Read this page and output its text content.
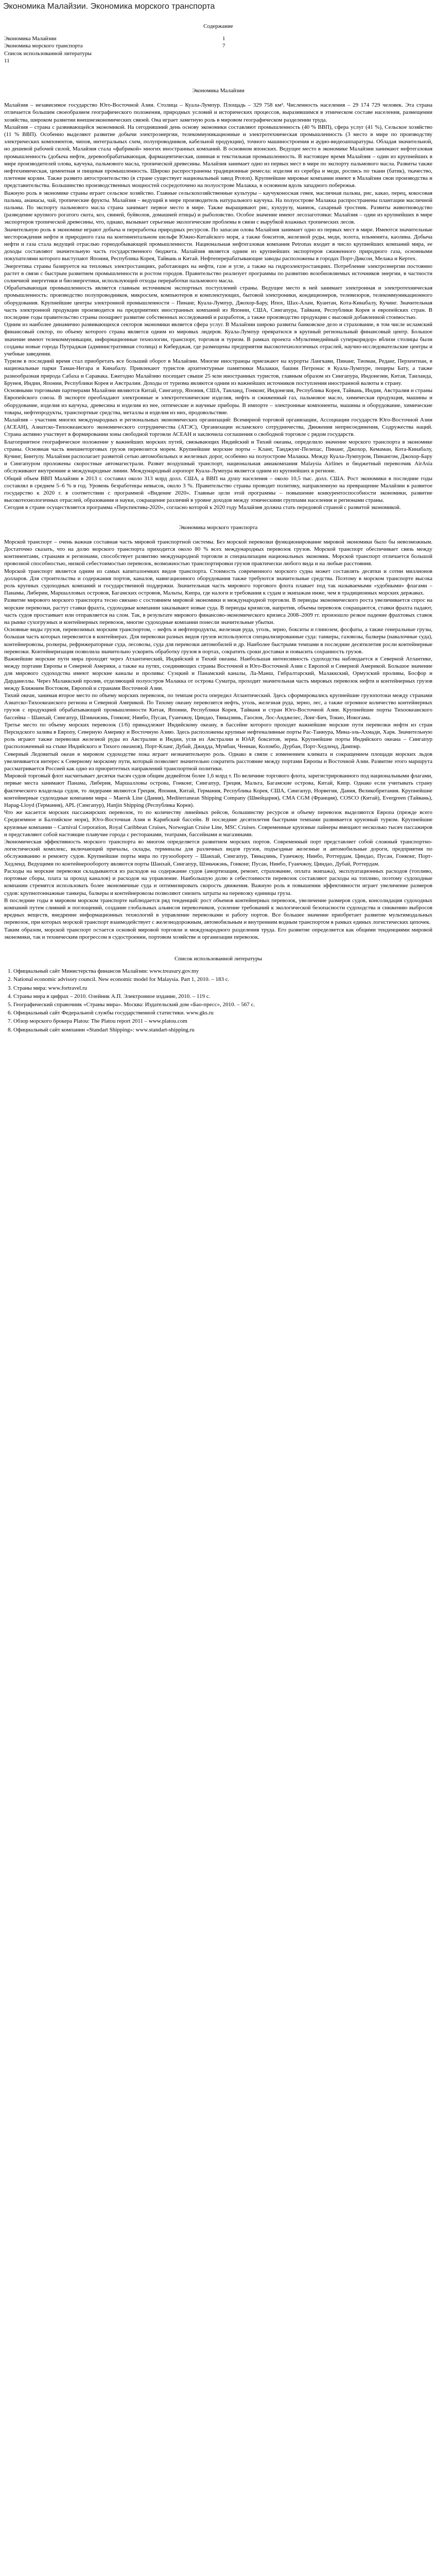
Экономика Малайзии. Экономика морского транспорта
Содержание
Экономика Малайзии	1
Экономика морского транспорта	7
Список использованной литературы
11
Экономика Малайзии

Малайзия – независимое государство Юго-Восточной Азии. Столица – Куала-Лумпур. Площадь – 329 758 км². Численность населения – 29 174 729 человек. Эта страна отличается большим своеобразием географического положения, природных условий и исторических процессов, выразившимся в этническом составе населения, размещении хозяйства, широком развитии внешнеэкономических связей. Она играет заметную роль в мировом географическом разделении труда.

Малайзия – страна с развивающейся экономикой. На сегодняшний день основу экономики составляют промышленность (40 % ВВП), сфера услуг (41 %), Сельское хозяйство (11 % ВВП). Особенно выделяют развитие добычи электроэнергии, телекоммуникационные и электротехническая промышленность (3 место в мире по производству электрических компонентов, чипов, интегральных схем, полупроводников, кабельной продукции), точного машиностроения и аудио-видеоаппаратуры. Обладая значительной, но дешевой рабочей силой, Малайзия стала «фабрикой» многих иностранных компаний. В основном японских. Ведущее место в экономике Малайзии занимают нефтегазовая промышленность (добыча нефти, деревообрабатывающая, фармацевтическая, шинная и текстильная промышленность. В настоящее время Малайзия – один из крупнейших в мире производителей олова, каучука, пальмового масла, тропической древесины. Малайзия занимает одно из первых мест в мире по экспорту пальмового масла. Развиты также нефтехимическая, цементная и пищевая промышленность. Широко распространены традиционные ремесла: изделия из серебра и меди, роспись по ткани (батик), ткачество, плетение корзин. Также развито автостроительство (в стране существует национальный завод Proton). Крупнейшие мировые компании имеют в Малайзии свои производства и представительства. Большинство производственных мощностей сосредоточено на полуострове Малакка, в основном вдоль западного побережья.

Важную роль в экономике страны играет сельское хозяйство. Главные сельскохозяйственные культуры – каучуконосная гевея, масличная пальма, рис, какао, перец, кокосовая пальма, ананасы, чай, тропические фрукты. Малайзия – ведущий в мире производитель натурального каучука. На полуострове Малакка распространены плантации масличной пальмы. По экспорту пальмового масла страна занимает первое место в мире. Также выращивают рис, кукурузу, маниок, сахарный тростник. Развиты животноводство (разведение крупного рогатого скота, коз, свиней, буйволов, домашней птицы) и рыболовство. Особое значение имеют лесозаготовки: Малайзия – один из крупнейших в мире экспортеров тропической древесины, что, однако, вызывает серьезные экологические проблемы в связи с вырубкой влажных тропических лесов.

Значительную роль в экономике играют добыча и переработка природных ресурсов. По запасам олова Малайзия занимает одно из первых мест в мире. Имеются значительные месторождения нефти и природного газа на континентальном шельфе Южно-Китайского моря, а также бокситов, железной руды, меди, золота, ильменита, каолина. Добыча нефти и газа стала ведущей отраслью горнодобывающей промышленности. Национальная нефтегазовая компания Petronas входит в число крупнейших компаний мира, ее доходы составляют значительную часть государственного бюджета. Малайзия является одним из крупнейших экспортеров сжиженного природного газа, основными покупателями которого выступают Япония, Республика Корея, Тайвань и Китай. Нефтеперерабатывающие заводы расположены в городах Порт-Диксон, Мелака и Кертех.

Энергетика страны базируется на тепловых электростанциях, работающих на нефти, газе и угле, а также на гидроэлектростанциях. Потребление электроэнергии постоянно растет в связи с быстрым развитием промышленности и ростом городов. Правительство реализует программы по развитию возобновляемых источников энергии, в частности солнечной энергетики и биоэнергетики, использующей отходы переработки пальмового масла.

Обрабатывающая промышленность является главным источником экспортных поступлений страны. Ведущее место в ней занимает электронная и электротехническая промышленность: производство полупроводников, микросхем, компьютеров и комплектующих, бытовой электроники, кондиционеров, телевизоров, телекоммуникационного оборудования. Крупнейшие центры электронной промышленности – Пинанг, Куала-Лумпур, Джохор-Бару, Ипох, Шах-Алам, Куантан, Кота-Кинабалу, Кучинг. Значительная часть электронной продукции производится на предприятиях иностранных компаний из Японии, США, Сингапура, Тайваня, Республики Корея и европейских стран. В последние годы правительство страны поощряет развитие собственных исследований и разработок, а также производство продукции с высокой добавленной стоимостью.

Одним из наиболее динамично развивающихся секторов экономики является сфера услуг. В Малайзии широко развиты банковское дело и страхование, в том числе исламский финансовый сектор, по объему которого страна является одним из мировых лидеров. Куала-Лумпур превратился в крупный региональный финансовый центр. Большое значение имеют телекоммуникации, информационные технологии, транспорт, торговля и туризм. В рамках проекта «Мультимедийный суперкоридор» вблизи столицы были созданы новые города Путраджая (административная столица) и Киберджая, где размещены предприятия высокотехнологичных отраслей, научно-исследовательские центры и учебные заведения.

Туризм в последний время стал приобретать все больший оборот в Малайзии. Многие иностранцы приезжают на курорты Лангкави, Пинанг, Тиоман, Реданг, Перхентиан, в национальные парки Таман-Негара и Кинабалу. Привлекают туристов архитектурные памятники Малакки, башни Петронас в Куала-Лумпуре, пещеры Бату, а также разнообразная природа Сабаха и Саравака. Ежегодно Малайзию посещает свыше 25 млн иностранных туристов, главным образом из Сингапура, Индонезии, Китая, Таиланда, Брунея, Индии, Японии, Республики Корея и Австралии. Доходы от туризма являются одним из важнейших источников поступления иностранной валюты в страну.

Основными торговыми партнерами Малайзии являются Китай, Сингапур, Япония, США, Таиланд, Гонконг, Индонезия, Республика Корея, Тайвань, Индия, Австралия и страны Европейского союза. В экспорте преобладают электронные и электротехнические изделия, нефть и сжиженный газ, пальмовое масло, химическая продукция, машины и оборудование, изделия из каучука, древесина и изделия из нее, оптические и научные приборы. В импорте – электронные компоненты, машины и оборудование, химические товары, нефтепродукты, транспортные средства, металлы и изделия из них, продовольствие.

Малайзия – участник многих международных и региональных экономических организаций: Всемирной торговой организации, Ассоциации государств Юго-Восточной Азии (АСЕАН), Азиатско-Тихоокеанского экономического сотрудничества (АТЭС), Организации исламского сотрудничества, Движения неприсоединения, Содружества наций. Страна активно участвует в формировании зоны свободной торговли АСЕАН и заключила соглашения о свободной торговле с рядом государств.

Благоприятное географическое положение у важнейших морских путей, связывающих Индийский и Тихий океаны, определило значение морского транспорта в экономике страны. Основная часть внешнеторговых грузов перевозится морем. Крупнейшие морские порты – Кланг, Танджунг-Пелепас, Пинанг, Джохор, Кемаман, Кота-Кинабалу, Кучинг, Бинтулу. Малайзия располагает развитой сетью автомобильных и железных дорог, особенно на полуострове Малакка. Между Куала-Лумпуром, Пинангом, Джохор-Бару и Сингапуром проложены скоростные автомагистрали. Развит воздушный транспорт, национальная авиакомпания Malaysia Airlines и бюджетный перевозчик AirAsia обслуживают внутренние и международные линии. Международный аэропорт Куала-Лумпура является одним из крупнейших в регионе.

Общий объем ВВП Малайзии в 2013 г. составил около 313 млрд долл. США, а ВВП на душу населения – около 10,5 тыс. долл. США. Рост экономики в последние годы составлял в среднем 5–6 % в год. Уровень безработицы невысок, около 3 %. Правительство страны проводит политику, направленную на превращение Малайзии в развитое государство к 2020 г. в соответствии с программой «Видение 2020». Главные цели этой программы – повышение конкурентоспособности экономики, развитие высокотехнологичных отраслей, образования и науки, сокращение различий в уровне доходов между этническими группами населения и регионами страны.

Сегодня в стране осуществляется программа «Перспектива-2020», согласно которой к 2020 году Малайзия должна стать передовой страной с развитой экономикой.

Экономика морского транспорта

Морской транспорт – очень важная составная часть мировой транспортной системы. Без морской перевозки функционирование мировой экономики было бы невозможным. Достаточно сказать, что на долю морского транспорта приходится около 80 % всех международных перевозок грузов. Морской транспорт обеспечивает связь между континентами, странами и регионами, способствует развитию международной торговли и специализации национальных экономик. Морской транспорт отличается большой провозной способностью, низкой себестоимостью перевозок, возможностью транспортировки грузов практически любого вида и на любые расстояния.

Морской транспорт является одним из самых капиталоемких видов транспорта. Стоимость современного морского судна может составлять десятки и сотни миллионов долларов. Для строительства и содержания портов, каналов, навигационного оборудования также требуются значительные средства. Поэтому в морском транспорте высока роль крупных судоходных компаний и государственной поддержки. Значительная часть мирового торгового флота плавает под так называемыми «удобными» флагами – Панамы, Либерии, Маршалловых островов, Багамских островов, Мальты, Кипра, где налоги и требования к судам и экипажам ниже, чем в традиционных морских державах.

Развитие мирового морского транспорта тесно связано с состоянием мировой экономики и международной торговли. В периоды экономического роста увеличивается спрос на морские перевозки, растут ставки фрахта, судоходные компании заказывают новые суда. В периоды кризисов, напротив, объемы перевозок сокращаются, ставки фрахта падают, часть судов простаивает или отправляется на слом. Так, в результате мирового финансово-экономического кризиса 2008–2009 гг. произошло резкое падение фрахтовых ставок на рынке сухогрузных и контейнерных перевозок, многие судоходные компании понесли значительные убытки.

Основные виды грузов, перевозимых морским транспортом, – нефть и нефтепродукты, железная руда, уголь, зерно, бокситы и глинозем, фосфаты, а также генеральные грузы, большая часть которых перевозится в контейнерах. Для перевозки разных видов грузов используются специализированные суда: танкеры, газовозы, балкеры (навалочные суда), контейнеровозы, ролкеры, рефрижераторные суда, лесовозы, суда для перевозки автомобилей и др. Наиболее быстрыми темпами в последние десятилетия росли контейнерные перевозки. Контейнеризация позволила значительно ускорить обработку грузов в портах, сократить сроки доставки и повысить сохранность грузов.

Важнейшие морские пути мира проходят через Атлантический, Индийский и Тихий океаны. Наибольшая интенсивность судоходства наблюдается в Северной Атлантике, между портами Европы и Северной Америки, а также на путях, соединяющих страны Восточной и Юго-Восточной Азии с Европой и Северной Америкой. Большое значение для мирового судоходства имеют морские каналы и проливы: Суэцкий и Панамский каналы, Ла-Манш, Гибралтарский, Малаккский, Ормузский проливы, Босфор и Дарданеллы. Через Малаккский пролив, отделяющий полуостров Малакка от острова Суматра, проходит значительная часть мировых перевозок нефти и контейнерных грузов между Ближним Востоком, Европой и странами Восточной Азии.

Тихий океан, занимая второе место по объему морских перевозок, по темпам роста опередил Атлантический. Здесь сформировались крупнейшие грузопотоки между странами Азиатско-Тихоокеанского региона и Северной Америкой. По Тихому океану перевозятся нефть, уголь, железная руда, зерно, лес, а также огромное количество контейнерных грузов с продукцией обрабатывающей промышленности Китая, Японии, Республики Корея, Тайваня и стран Юго-Восточной Азии. Крупнейшие порты Тихоокеанского бассейна – Шанхай, Сингапур, Шэньчжэнь, Гонконг, Нинбо, Пусан, Гуанчжоу, Циндао, Тяньцзинь, Гаосюн, Лос-Анджелес, Лонг-Бич, Токио, Иокогама.

Третье место по объему морских перевозок (1/6) принадлежит Индийскому океану, в бассейне которого проходят важнейшие морские пути перевозки нефти из стран Персидского залива в Европу, Северную Америку и Восточную Азию. Здесь расположены крупные нефтеналивные порты Рас-Таннура, Мина-эль-Ахмади, Харк. Значительную роль играют также перевозки железной руды из Австралии и Индии, угля из Австралии и ЮАР, бокситов, зерна. Крупнейшие порты Индийского океана – Сингапур (расположенный на стыке Индийского и Тихого океанов), Порт-Кланг, Дубай, Джидда, Мумбаи, Ченнаи, Коломбо, Дурбан, Порт-Хедленд, Дампир.

Северный Ледовитый океан в мировом судоходстве пока играет незначительную роль. Однако в связи с изменением климата и сокращением площади морских льдов увеличивается интерес к Северному морскому пути, который позволяет значительно сократить расстояние между портами Европы и Восточной Азии. Развитие этого маршрута рассматривается Россией как одно из приоритетных направлений транспортной политики.

Мировой торговый флот насчитывает десятки тысяч судов общим дедвейтом более 1,6 млрд т. По величине торгового флота, зарегистрированного под национальными флагами, первые места занимают Панама, Либерия, Маршалловы острова, Гонконг, Сингапур, Греция, Мальта, Багамские острова, Китай, Кипр. Однако если учитывать страну фактического владельца судов, то лидерами являются Греция, Япония, Китай, Германия, Республика Корея, США, Сингапур, Норвегия, Дания, Великобритания. Крупнейшие контейнерные судоходные компании мира – Maersk Line (Дания), Mediterranean Shipping Company (Швейцария), CMA CGM (Франция), COSCO (Китай), Evergreen (Тайвань), Hapag-Lloyd (Германия), APL (Сингапур), Hanjin Shipping (Республика Корея).

Что же касается морских пассажирских перевозок, то по количеству линейных рейсов, большинству ресурсов и объему перевозок выделяются Европа (прежде всего Средиземное и Балтийское моря), Юго-Восточная Азия и Карибский бассейн. В последние десятилетия быстрыми темпами развивается круизный туризм. Крупнейшие круизные компании – Carnival Corporation, Royal Caribbean Cruises, Norwegian Cruise Line, MSC Cruises. Современные круизные лайнеры вмещают несколько тысяч пассажиров и представляют собой настоящие плавучие города с ресторанами, театрами, бассейнами и магазинами.

Экономическая эффективность морского транспорта во многом определяется развитием морских портов. Современный порт представляет собой сложный транспортно-логистический комплекс, включающий причалы, склады, терминалы для различных видов грузов, подъездные железные и автомобильные дороги, предприятия по обслуживанию и ремонту судов. Крупнейшие порты мира по грузообороту – Шанхай, Сингапур, Тяньцзинь, Гуанчжоу, Нинбо, Роттердам, Циндао, Пусан, Гонконг, Порт-Хедленд. Ведущими по контейнерообороту являются порты Шанхай, Сингапур, Шэньчжэнь, Гонконг, Пусан, Нинбо, Гуанчжоу, Циндао, Дубай, Роттердам.

Расходы на морские перевозки складываются из расходов на содержание судов (амортизация, ремонт, страхование, оплата экипажа), эксплуатационных расходов (топливо, портовые сборы, плата за проход каналов) и расходов на управление. Наибольшую долю в себестоимости перевозок составляют расходы на топливо, поэтому судоходные компании стремятся использовать более экономичные суда и оптимизировать скорость движения. Важную роль в повышении эффективности играет увеличение размеров судов: крупнотоннажные танкеры, балкеры и контейнеровозы позволяют снизить затраты на перевозку единицы груза.

В последние годы в мировом морском транспорте наблюдается ряд тенденций: рост объемов контейнерных перевозок, увеличение размеров судов, консолидация судоходных компаний путем слияний и поглощений, создание глобальных альянсов перевозчиков, усиление требований к экологической безопасности судоходства и снижению выбросов вредных веществ, внедрение информационных технологий в управление перевозками и работу портов. Все большее значение приобретает развитие мультимодальных перевозок, при которых морской транспорт взаимодействует с железнодорожным, автомобильным и внутренним водным транспортом в рамках единых логистических цепочек.

Таким образом, морской транспорт остается основой мировой торговли и международного разделения труда. Его развитие определяется как общими тенденциями мировой экономики, так и техническим прогрессом в судостроении, портовом хозяйстве и организации перевозок.

Список использованной литературы
1. Официальный сайт Министерства финансов Малайзии: www.treasury.gov.my
2. National economic advisory council. New economic model for Malaysia. Part 1, 2010. – 183 c.
3. Страны мира: www.fortravel.ru
4. Страны мира в цифрах – 2010. Олейник А.П. Электронное издание, 2010. – 119 с.
5. Географический справочник «Страны мира». Москва: Издательский дом «Бао-пресс», 2010. – 567 с.
6. Официальный сайт Федеральной службы государственной статистики. www.gks.ru
7. Обзор морского брокера Platou: The Platou report 2011 – www.platou.com
8. Официальный сайт компании «Standart Shipping»: www.standart-shipping.ru
